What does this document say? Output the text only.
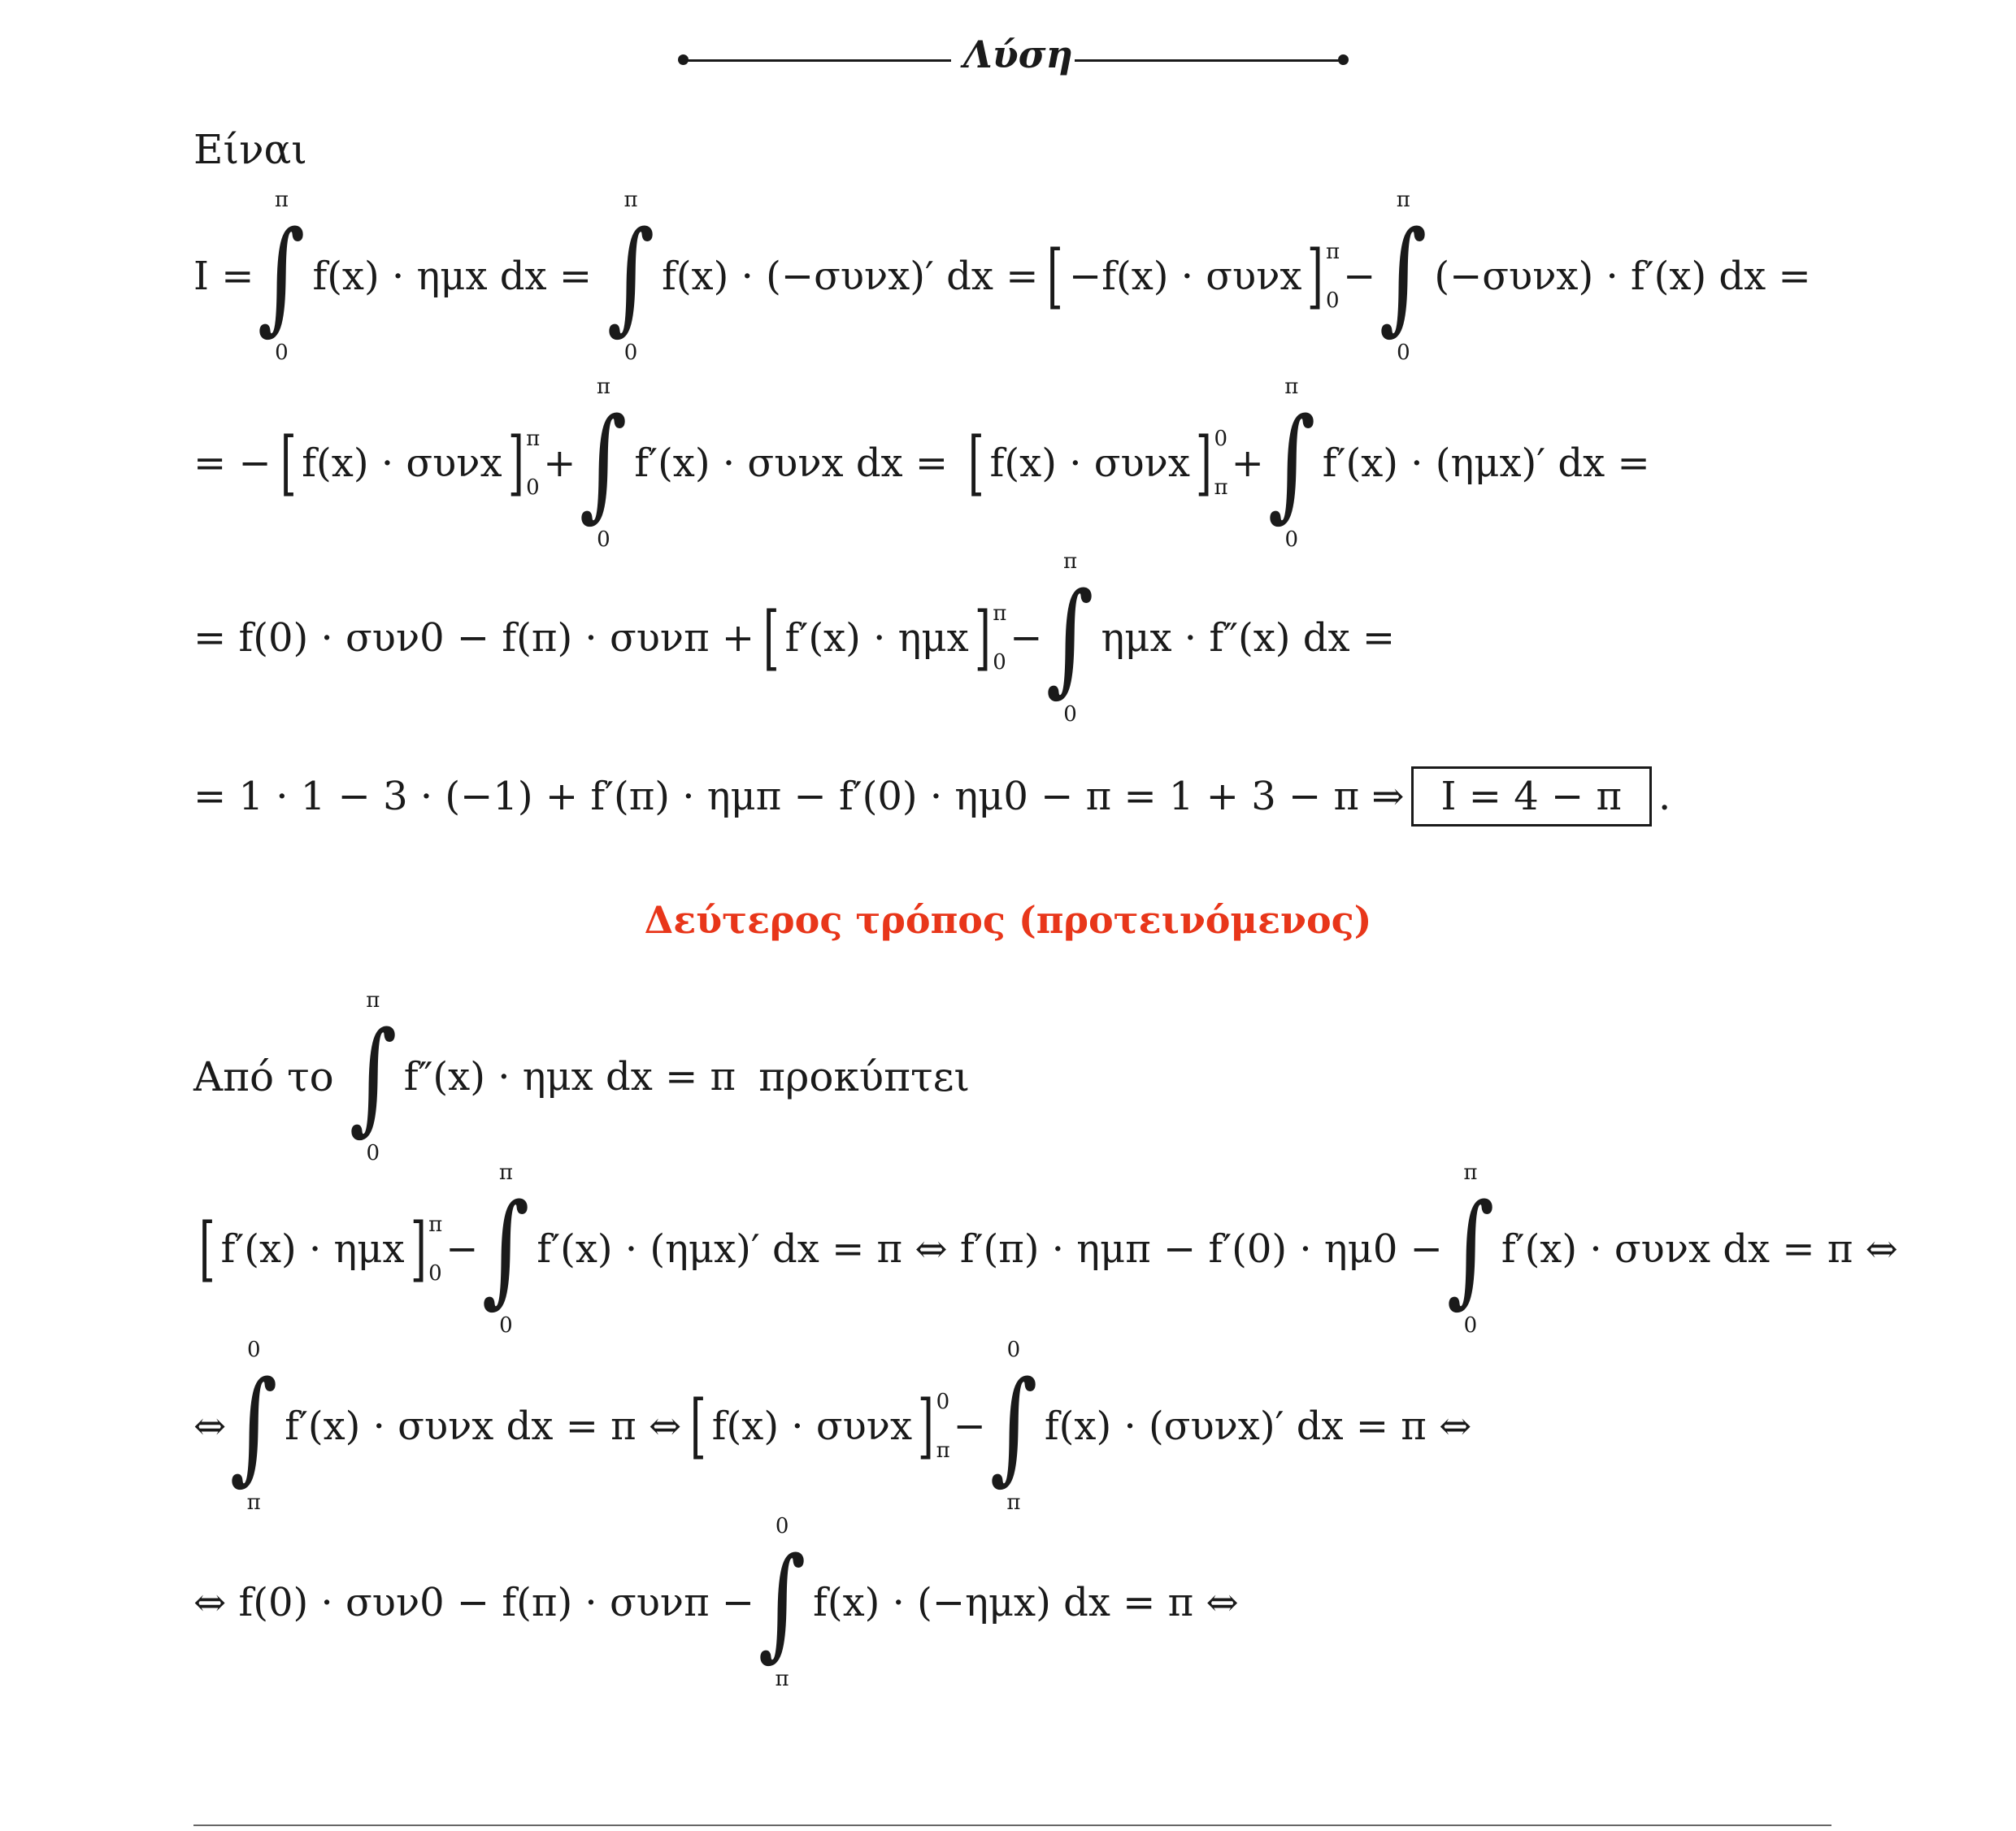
Λύση
Είναι
I =
π
∫
0
f(x) · ημx dx =
π
∫
0
f(x) · (−συνx)′ dx = [ −f(x) · συνx ] π
0
−
π
∫
0
(−συνx) · f′(x) dx =
= − [ f(x) · συνx ] π
0
+
π
∫
0
f′(x) · συνx dx = [ f(x) · συνx ] 0
π
+
π
∫
0
f′(x) · (ημx)′ dx =
= f(0) · συν0 − f(π) · συνπ + [ f′(x) · ημx ] π
0
−
π
∫
0
ημx · f″(x) dx =
= 1 · 1 − 3 · (−1) + f′(π) · ημπ − f′(0) · ημ0 − π = 1 + 3 − π ⇒ I = 4 − π .
Δεύτερος τρόπος (προτεινόμενος)
Από το
π
∫
0
f″(x) · ημx dx = π προκύπτει
[ f′(x) · ημx ] π
0
−
π
∫
0
f′(x) · (ημx)′ dx = π ⇔ f′(π) · ημπ − f′(0) · ημ0 −
π
∫
0
f′(x) · συνx dx = π ⇔
⇔
0
∫
π
f′(x) · συνx dx = π ⇔ [ f(x) · συνx ] 0
π
−
0
∫
π
f(x) · (συνx)′ dx = π ⇔
⇔ f(0) · συν0 − f(π) · συνπ −
0
∫
π
f(x) · (−ημx) dx = π ⇔
